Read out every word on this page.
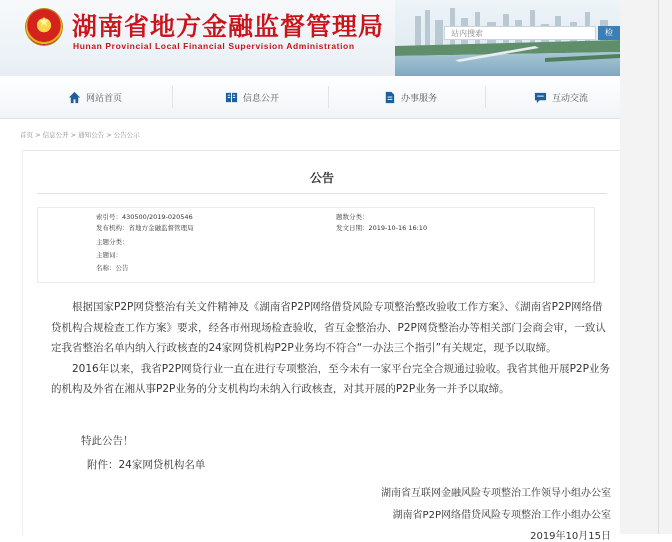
★
湖南省地方金融监督管理局
Hunan Provincial Local Financial Supervision Administration
站内搜索	检
网站首页	信息公开	办事服务	互动交流
首页 > 信息公开 > 通知公告 > 公告公示
公告
索引号：430500/2019-020546	题数分类：
发布机构：省地方金融监督管理局	发文日期：2019-10-16 16:10
主题分类：
主题词：
名称：公告

根据国家P2P网贷整治有关文件精神及《湖南省P2P网络借贷风险专项整治整改验收工作方案》、《湖南省P2P网络借贷机构合规检查工作方案》要求，经各市州现场检查验收，省互金整治办、P2P网贷整治办等相关部门会商会审，一致认定我省整治名单内纳入行政核查的24家网贷机构P2P业务均不符合“一办法三个指引”有关规定，现予以取缔。

2016年以来，我省P2P网贷行业一直在进行专项整治，至今未有一家平台完全合规通过验收。我省其他开展P2P业务的机构及外省在湘从事P2P业务的分支机构均未纳入行政核查，对其开展的P2P业务一并予以取缔。

特此公告！
附件：24家网贷机构名单
湖南省互联网金融风险专项整治工作领导小组办公室
湖南省P2P网络借贷风险专项整治工作小组办公室
2019年10月15日
